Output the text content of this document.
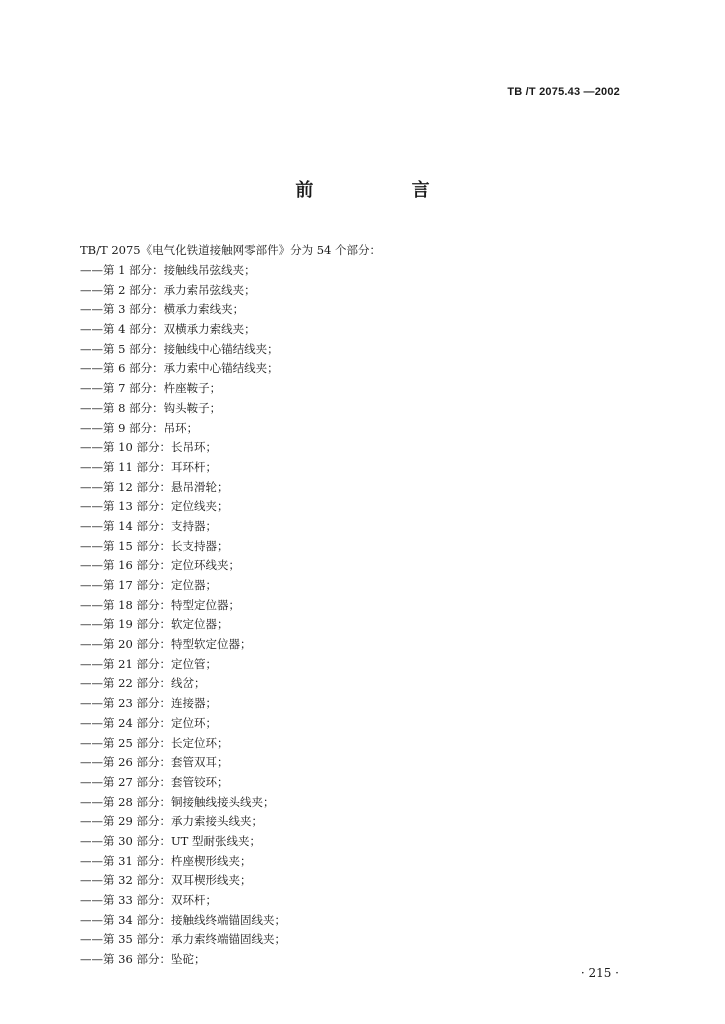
TB /T 2075.43 —2002
前 言
TB/T 2075《电气化铁道接触网零部件》分为 54 个部分：
——第 1 部分：接触线吊弦线夹；
——第 2 部分：承力索吊弦线夹；
——第 3 部分：横承力索线夹；
——第 4 部分：双横承力索线夹；
——第 5 部分：接触线中心锚结线夹；
——第 6 部分：承力索中心锚结线夹；
——第 7 部分：杵座鞍子；
——第 8 部分：钩头鞍子；
——第 9 部分：吊环；
——第 10 部分：长吊环；
——第 11 部分：耳环杆；
——第 12 部分：悬吊滑轮；
——第 13 部分：定位线夹；
——第 14 部分：支持器；
——第 15 部分：长支持器；
——第 16 部分：定位环线夹；
——第 17 部分：定位器；
——第 18 部分：特型定位器；
——第 19 部分：软定位器；
——第 20 部分：特型软定位器；
——第 21 部分：定位管；
——第 22 部分：线岔；
——第 23 部分：连接器；
——第 24 部分：定位环；
——第 25 部分：长定位环；
——第 26 部分：套管双耳；
——第 27 部分：套管铰环；
——第 28 部分：铜接触线接头线夹；
——第 29 部分：承力索接头线夹；
——第 30 部分：UT 型耐张线夹；
——第 31 部分：杵座楔形线夹；
——第 32 部分：双耳楔形线夹；
——第 33 部分：双环杆；
——第 34 部分：接触线终端锚固线夹；
——第 35 部分：承力索终端锚固线夹；
——第 36 部分：坠砣；
· 215 ·
